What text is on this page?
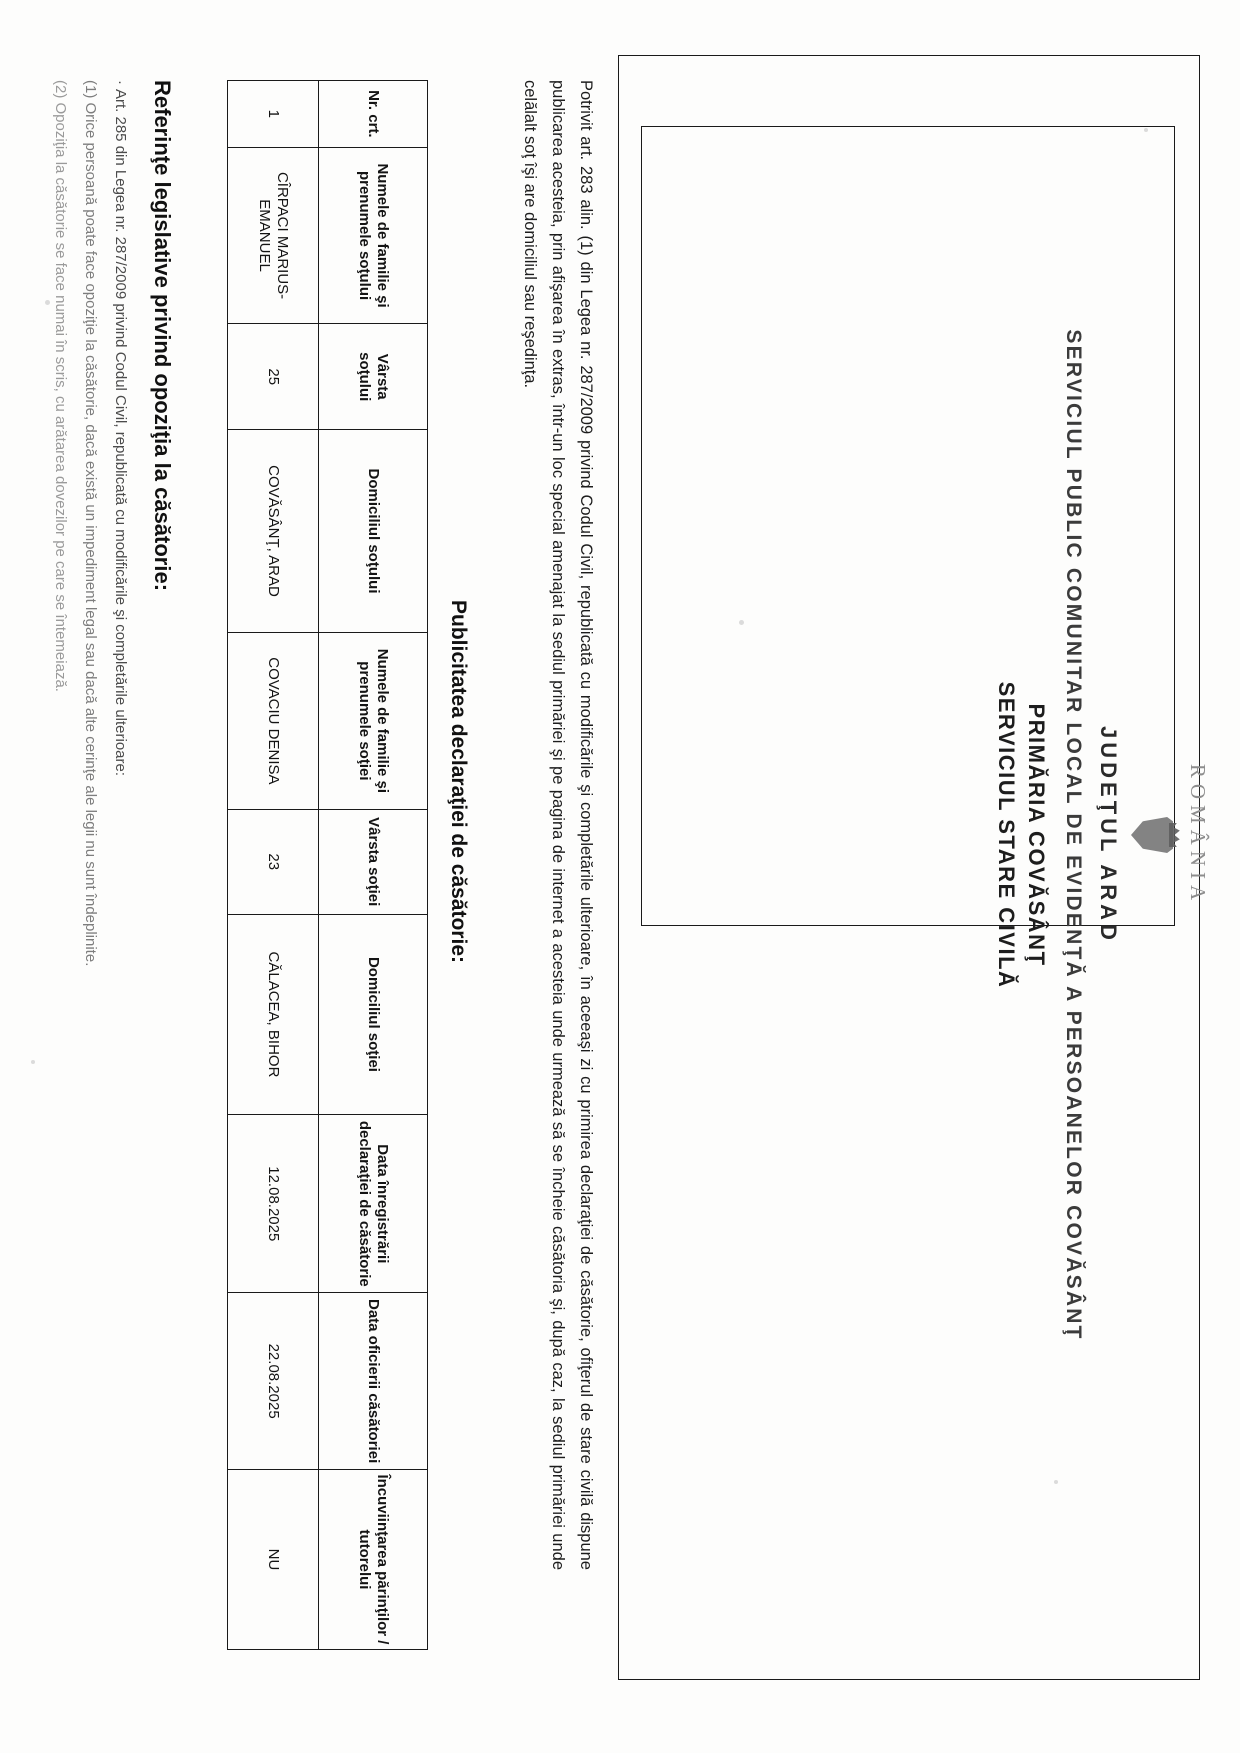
ROMÂNIA
JUDEŢUL ARAD
SERVICIUL PUBLIC COMUNITAR LOCAL DE EVIDENŢĂ A PERSOANELOR COVĂSÂNŢ
PRIMĂRIA COVĂSÂNŢ
SERVICIUL STARE CIVILĂ
Potrivit art. 283 alin. (1) din Legea nr. 287/2009 privind Codul Civil, republicată cu modificările şi completările ulterioare, în aceeaşi zi cu primirea declaraţiei de căsătorie, ofiţerul de stare civilă dispune publicarea acesteia, prin afişarea în extras, într-un loc special amenajat la sediul primăriei şi pe pagina de internet a acesteia unde urmează să se încheie căsătoria şi, după caz, la sediul primăriei unde celălalt soţ îşi are domiciliul sau reşedinţa.
Publicitatea declaraţiei de căsătorie:
Nr. crt.	Numele de familie şi prenumele soţului	Vârsta soţului	Domiciliul soţului	Numele de familie şi prenumele soţiei	Vârsta soţiei	Domiciliul soţiei	Data înregistrării declaraţiei de căsătorie	Data oficierii căsătoriei	Încuviinţarea părinţilor / tutorelui
1	CÎRPACI MARIUS-EMANUEL	25	COVĂSÂNŢ, ARAD	COVACIU DENISA	23	CĂLACEA, BIHOR	12.08.2025	22.08.2025	NU
Referinţe legislative privind opoziţia la căsătorie:
·Art. 285 din Legea nr. 287/2009 privind Codul Civil, republicată cu modificările şi completările ulterioare:
(1) Orice persoană poate face opoziţie la căsătorie, dacă există un impediment legal sau dacă alte cerinţe ale legii nu sunt îndeplinite.
(2) Opoziţia la căsătorie se face numai în scris, cu arătarea dovezilor pe care se întemeiază.
